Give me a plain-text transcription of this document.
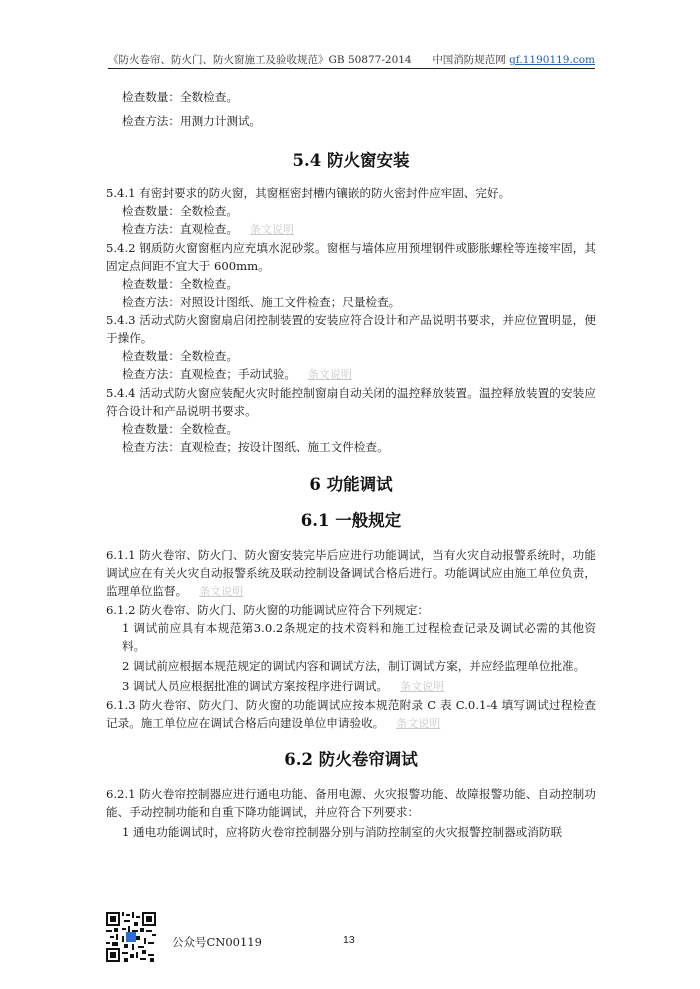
《防火卷帘、防火门、防火窗施工及验收规范》GB 50877-2014 中国消防规范网 gf.1190119.com

检查数量：全数检查。

检查方法：用测力计测试。

5.4 防火窗安装

5.4.1 有密封要求的防火窗，其窗框密封槽内镶嵌的防火密封件应牢固、完好。

检查数量：全数检查。

检查方法：直观检查。 条文说明

5.4.2 钢质防火窗窗框内应充填水泥砂浆。窗框与墙体应用预埋钢件或膨胀螺栓等连接牢固，其固定点间距不宜大于 600mm。

检查数量：全数检查。

检查方法：对照设计图纸、施工文件检查；尺量检查。

5.4.3 活动式防火窗窗扇启闭控制装置的安装应符合设计和产品说明书要求，并应位置明显，便于操作。

检查数量：全数检查。

检查方法：直观检查；手动试验。 条文说明

5.4.4 活动式防火窗应装配火灾时能控制窗扇自动关闭的温控释放装置。温控释放装置的安装应符合设计和产品说明书要求。

检查数量：全数检查。

检查方法：直观检查；按设计图纸、施工文件检查。

6 功能调试
6.1 一般规定

6.1.1 防火卷帘、防火门、防火窗安装完毕后应进行功能调试，当有火灾自动报警系统时，功能调试应在有关火灾自动报警系统及联动控制设备调试合格后进行。功能调试应由施工单位负责，监理单位监督。 条文说明

6.1.2 防火卷帘、防火门、防火窗的功能调试应符合下列规定：

1 调试前应具有本规范第3.0.2条规定的技术资料和施工过程检查记录及调试必需的其他资料。

2 调试前应根据本规范规定的调试内容和调试方法，制订调试方案，并应经监理单位批准。

3 调试人员应根据批准的调试方案按程序进行调试。 条文说明

6.1.3 防火卷帘、防火门、防火窗的功能调试应按本规范附录 C 表 C.0.1-4 填写调试过程检查记录。施工单位应在调试合格后向建设单位申请验收。 条文说明

6.2 防火卷帘调试

6.2.1 防火卷帘控制器应进行通电功能、备用电源、火灾报警功能、故障报警功能、自动控制功能、手动控制功能和自重下降功能调试，并应符合下列要求：

1 通电功能调试时，应将防火卷帘控制器分别与消防控制室的火灾报警控制器或消防联

公众号CN00119	13
